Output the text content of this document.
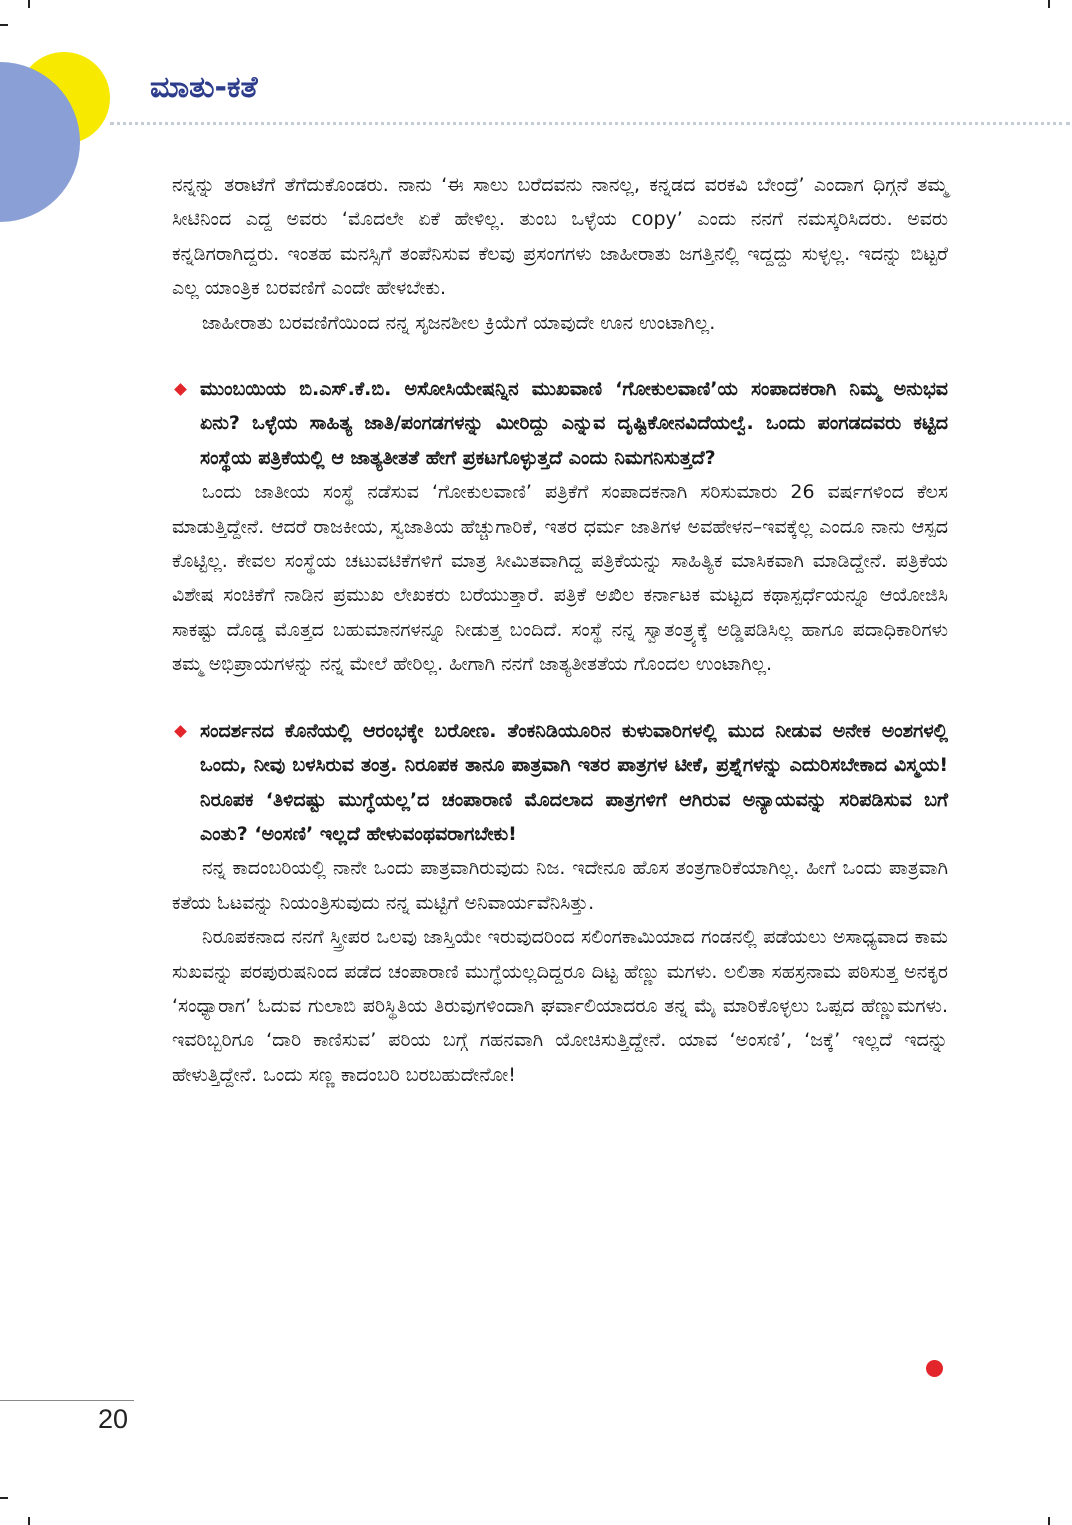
ಮಾತು-ಕತೆ

ನನ್ನನ್ನು ತರಾಟೆಗೆ ತೆಗೆದುಕೊಂಡರು. ನಾನು ‘ಈ ಸಾಲು ಬರೆದವನು ನಾನಲ್ಲ, ಕನ್ನಡದ ವರಕವಿ ಬೇಂದ್ರೆ’ ಎಂದಾಗ ಧಿಗ್ಗನೆ ತಮ್ಮ ಸೀಟಿನಿಂದ ಎದ್ದ ಅವರು ‘ಮೊದಲೇ ಏಕೆ ಹೇಳಿಲ್ಲ. ತುಂಬ ಒಳ್ಳೆಯ copy’ ಎಂದು ನನಗೆ ನಮಸ್ಕರಿಸಿದರು. ಅವರು ಕನ್ನಡಿಗರಾಗಿದ್ದರು. ಇಂತಹ ಮನಸ್ಸಿಗೆ ತಂಪೆನಿಸುವ ಕೆಲವು ಪ್ರಸಂಗಗಳು ಜಾಹೀರಾತು ಜಗತ್ತಿನಲ್ಲಿ ಇದ್ದದ್ದು ಸುಳ್ಳಲ್ಲ. ಇದನ್ನು ಬಿಟ್ಟರೆ ಎಲ್ಲ ಯಾಂತ್ರಿಕ ಬರವಣಿಗೆ ಎಂದೇ ಹೇಳಬೇಕು.

ಜಾಹೀರಾತು ಬರವಣಿಗೆಯಿಂದ ನನ್ನ ಸೃಜನಶೀಲ ಕ್ರಿಯೆಗೆ ಯಾವುದೇ ಊನ ಉಂಟಾಗಿಲ್ಲ.

ಮುಂಬಯಿಯ ಬಿ.ಎಸ್.ಕೆ.ಬಿ. ಅಸೋಸಿಯೇಷನ್ನಿನ ಮುಖವಾಣಿ ‘ಗೋಕುಲವಾಣಿ’ಯ ಸಂಪಾದಕರಾಗಿ ನಿಮ್ಮ ಅನುಭವ ಏನು? ಒಳ್ಳೆಯ ಸಾಹಿತ್ಯ ಜಾತಿ/ಪಂಗಡಗಳನ್ನು ಮೀರಿದ್ದು ಎನ್ನುವ ದೃಷ್ಟಿಕೋನವಿದೆಯಲ್ವೆ. ಒಂದು ಪಂಗಡದವರು ಕಟ್ಟಿದ ಸಂಸ್ಥೆಯ ಪತ್ರಿಕೆಯಲ್ಲಿ ಆ ಜಾತ್ಯತೀತತೆ ಹೇಗೆ ಪ್ರಕಟಗೊಳ್ಳುತ್ತದೆ ಎಂದು ನಿಮಗನಿಸುತ್ತದೆ?

ಒಂದು ಜಾತೀಯ ಸಂಸ್ಥೆ ನಡೆಸುವ ‘ಗೋಕುಲವಾಣಿ’ ಪತ್ರಿಕೆಗೆ ಸಂಪಾದಕನಾಗಿ ಸರಿಸುಮಾರು 26 ವರ್ಷಗಳಿಂದ ಕೆಲಸ ಮಾಡುತ್ತಿದ್ದೇನೆ. ಆದರೆ ರಾಜಕೀಯ, ಸ್ವಜಾತಿಯ ಹೆಚ್ಚುಗಾರಿಕೆ, ಇತರ ಧರ್ಮ ಜಾತಿಗಳ ಅವಹೇಳನ–ಇವಕ್ಕೆಲ್ಲ ಎಂದೂ ನಾನು ಆಸ್ಪದ ಕೊಟ್ಟಿಲ್ಲ. ಕೇವಲ ಸಂಸ್ಥೆಯ ಚಟುವಟಿಕೆಗಳಿಗೆ ಮಾತ್ರ ಸೀಮಿತವಾಗಿದ್ದ ಪತ್ರಿಕೆಯನ್ನು ಸಾಹಿತ್ಯಿಕ ಮಾಸಿಕವಾಗಿ ಮಾಡಿದ್ದೇನೆ. ಪತ್ರಿಕೆಯ ವಿಶೇಷ ಸಂಚಿಕೆಗೆ ನಾಡಿನ ಪ್ರಮುಖ ಲೇಖಕರು ಬರೆಯುತ್ತಾರೆ. ಪತ್ರಿಕೆ ಅಖಿಲ ಕರ್ನಾಟಕ ಮಟ್ಟದ ಕಥಾಸ್ಪರ್ಧೆಯನ್ನೂ ಆಯೋಜಿಸಿ ಸಾಕಷ್ಟು ದೊಡ್ಡ ಮೊತ್ತದ ಬಹುಮಾನಗಳನ್ನೂ ನೀಡುತ್ತ ಬಂದಿದೆ. ಸಂಸ್ಥೆ ನನ್ನ ಸ್ವಾತಂತ್ರ್ಯಕ್ಕೆ ಅಡ್ಡಿಪಡಿಸಿಲ್ಲ ಹಾಗೂ ಪದಾಧಿಕಾರಿಗಳು ತಮ್ಮ ಅಭಿಪ್ರಾಯಗಳನ್ನು ನನ್ನ ಮೇಲೆ ಹೇರಿಲ್ಲ. ಹೀಗಾಗಿ ನನಗೆ ಜಾತ್ಯತೀತತೆಯ ಗೊಂದಲ ಉಂಟಾಗಿಲ್ಲ.

ಸಂದರ್ಶನದ ಕೊನೆಯಲ್ಲಿ ಆರಂಭಕ್ಕೇ ಬರೋಣ. ತೆಂಕನಿಡಿಯೂರಿನ ಕುಳುವಾರಿಗಳಲ್ಲಿ ಮುದ ನೀಡುವ ಅನೇಕ ಅಂಶಗಳಲ್ಲಿ ಒಂದು, ನೀವು ಬಳಸಿರುವ ತಂತ್ರ. ನಿರೂಪಕ ತಾನೂ ಪಾತ್ರವಾಗಿ ಇತರ ಪಾತ್ರಗಳ ಟೀಕೆ, ಪ್ರಶ್ನೆಗಳನ್ನು ಎದುರಿಸಬೇಕಾದ ವಿಸ್ಮಯ! ನಿರೂಪಕ ‘ತಿಳಿದಷ್ಟು ಮುಗ್ಧೆಯಲ್ಲ’ದ ಚಂಪಾರಾಣಿ ಮೊದಲಾದ ಪಾತ್ರಗಳಿಗೆ ಆಗಿರುವ ಅನ್ಯಾಯವನ್ನು ಸರಿಪಡಿಸುವ ಬಗೆ ಎಂತು? ‘ಅಂಸಣಿ’ ಇಲ್ಲದೆ ಹೇಳುವಂಥವರಾಗಬೇಕು!

ನನ್ನ ಕಾದಂಬರಿಯಲ್ಲಿ ನಾನೇ ಒಂದು ಪಾತ್ರವಾಗಿರುವುದು ನಿಜ. ಇದೇನೂ ಹೊಸ ತಂತ್ರಗಾರಿಕೆಯಾಗಿಲ್ಲ. ಹೀಗೆ ಒಂದು ಪಾತ್ರವಾಗಿ ಕತೆಯ ಓಟವನ್ನು ನಿಯಂತ್ರಿಸುವುದು ನನ್ನ ಮಟ್ಟಿಗೆ ಅನಿವಾರ್ಯವೆನಿಸಿತ್ತು.

ನಿರೂಪಕನಾದ ನನಗೆ ಸ್ತ್ರೀಪರ ಒಲವು ಜಾಸ್ತಿಯೇ ಇರುವುದರಿಂದ ಸಲಿಂಗಕಾಮಿಯಾದ ಗಂಡನಲ್ಲಿ ಪಡೆಯಲು ಅಸಾಧ್ಯವಾದ ಕಾಮ ಸುಖವನ್ನು ಪರಪುರುಷನಿಂದ ಪಡೆದ ಚಂಪಾರಾಣಿ ಮುಗ್ಧೆಯಲ್ಲದಿದ್ದರೂ ದಿಟ್ಟ ಹೆಣ್ಣು ಮಗಳು. ಲಲಿತಾ ಸಹಸ್ರನಾಮ ಪಠಿಸುತ್ತ ಅನಕೃರ ‘ಸಂಧ್ಯಾರಾಗ’ ಓದುವ ಗುಲಾಬಿ ಪರಿಸ್ಥಿತಿಯ ತಿರುವುಗಳಿಂದಾಗಿ ಘರ್ವಾಲಿಯಾದರೂ ತನ್ನ ಮೈ ಮಾರಿಕೊಳ್ಳಲು ಒಪ್ಪದ ಹೆಣ್ಣುಮಗಳು. ಇವರಿಬ್ಬರಿಗೂ ‘ದಾರಿ ಕಾಣಿಸುವ’ ಪರಿಯ ಬಗ್ಗೆ ಗಹನವಾಗಿ ಯೋಚಿಸುತ್ತಿದ್ದೇನೆ. ಯಾವ ‘ಅಂಸಣಿ’, ‘ಜಕ್ಕೆ’ ಇಲ್ಲದೆ ಇದನ್ನು ಹೇಳುತ್ತಿದ್ದೇನೆ. ಒಂದು ಸಣ್ಣ ಕಾದಂಬರಿ ಬರಬಹುದೇನೋ!

20
